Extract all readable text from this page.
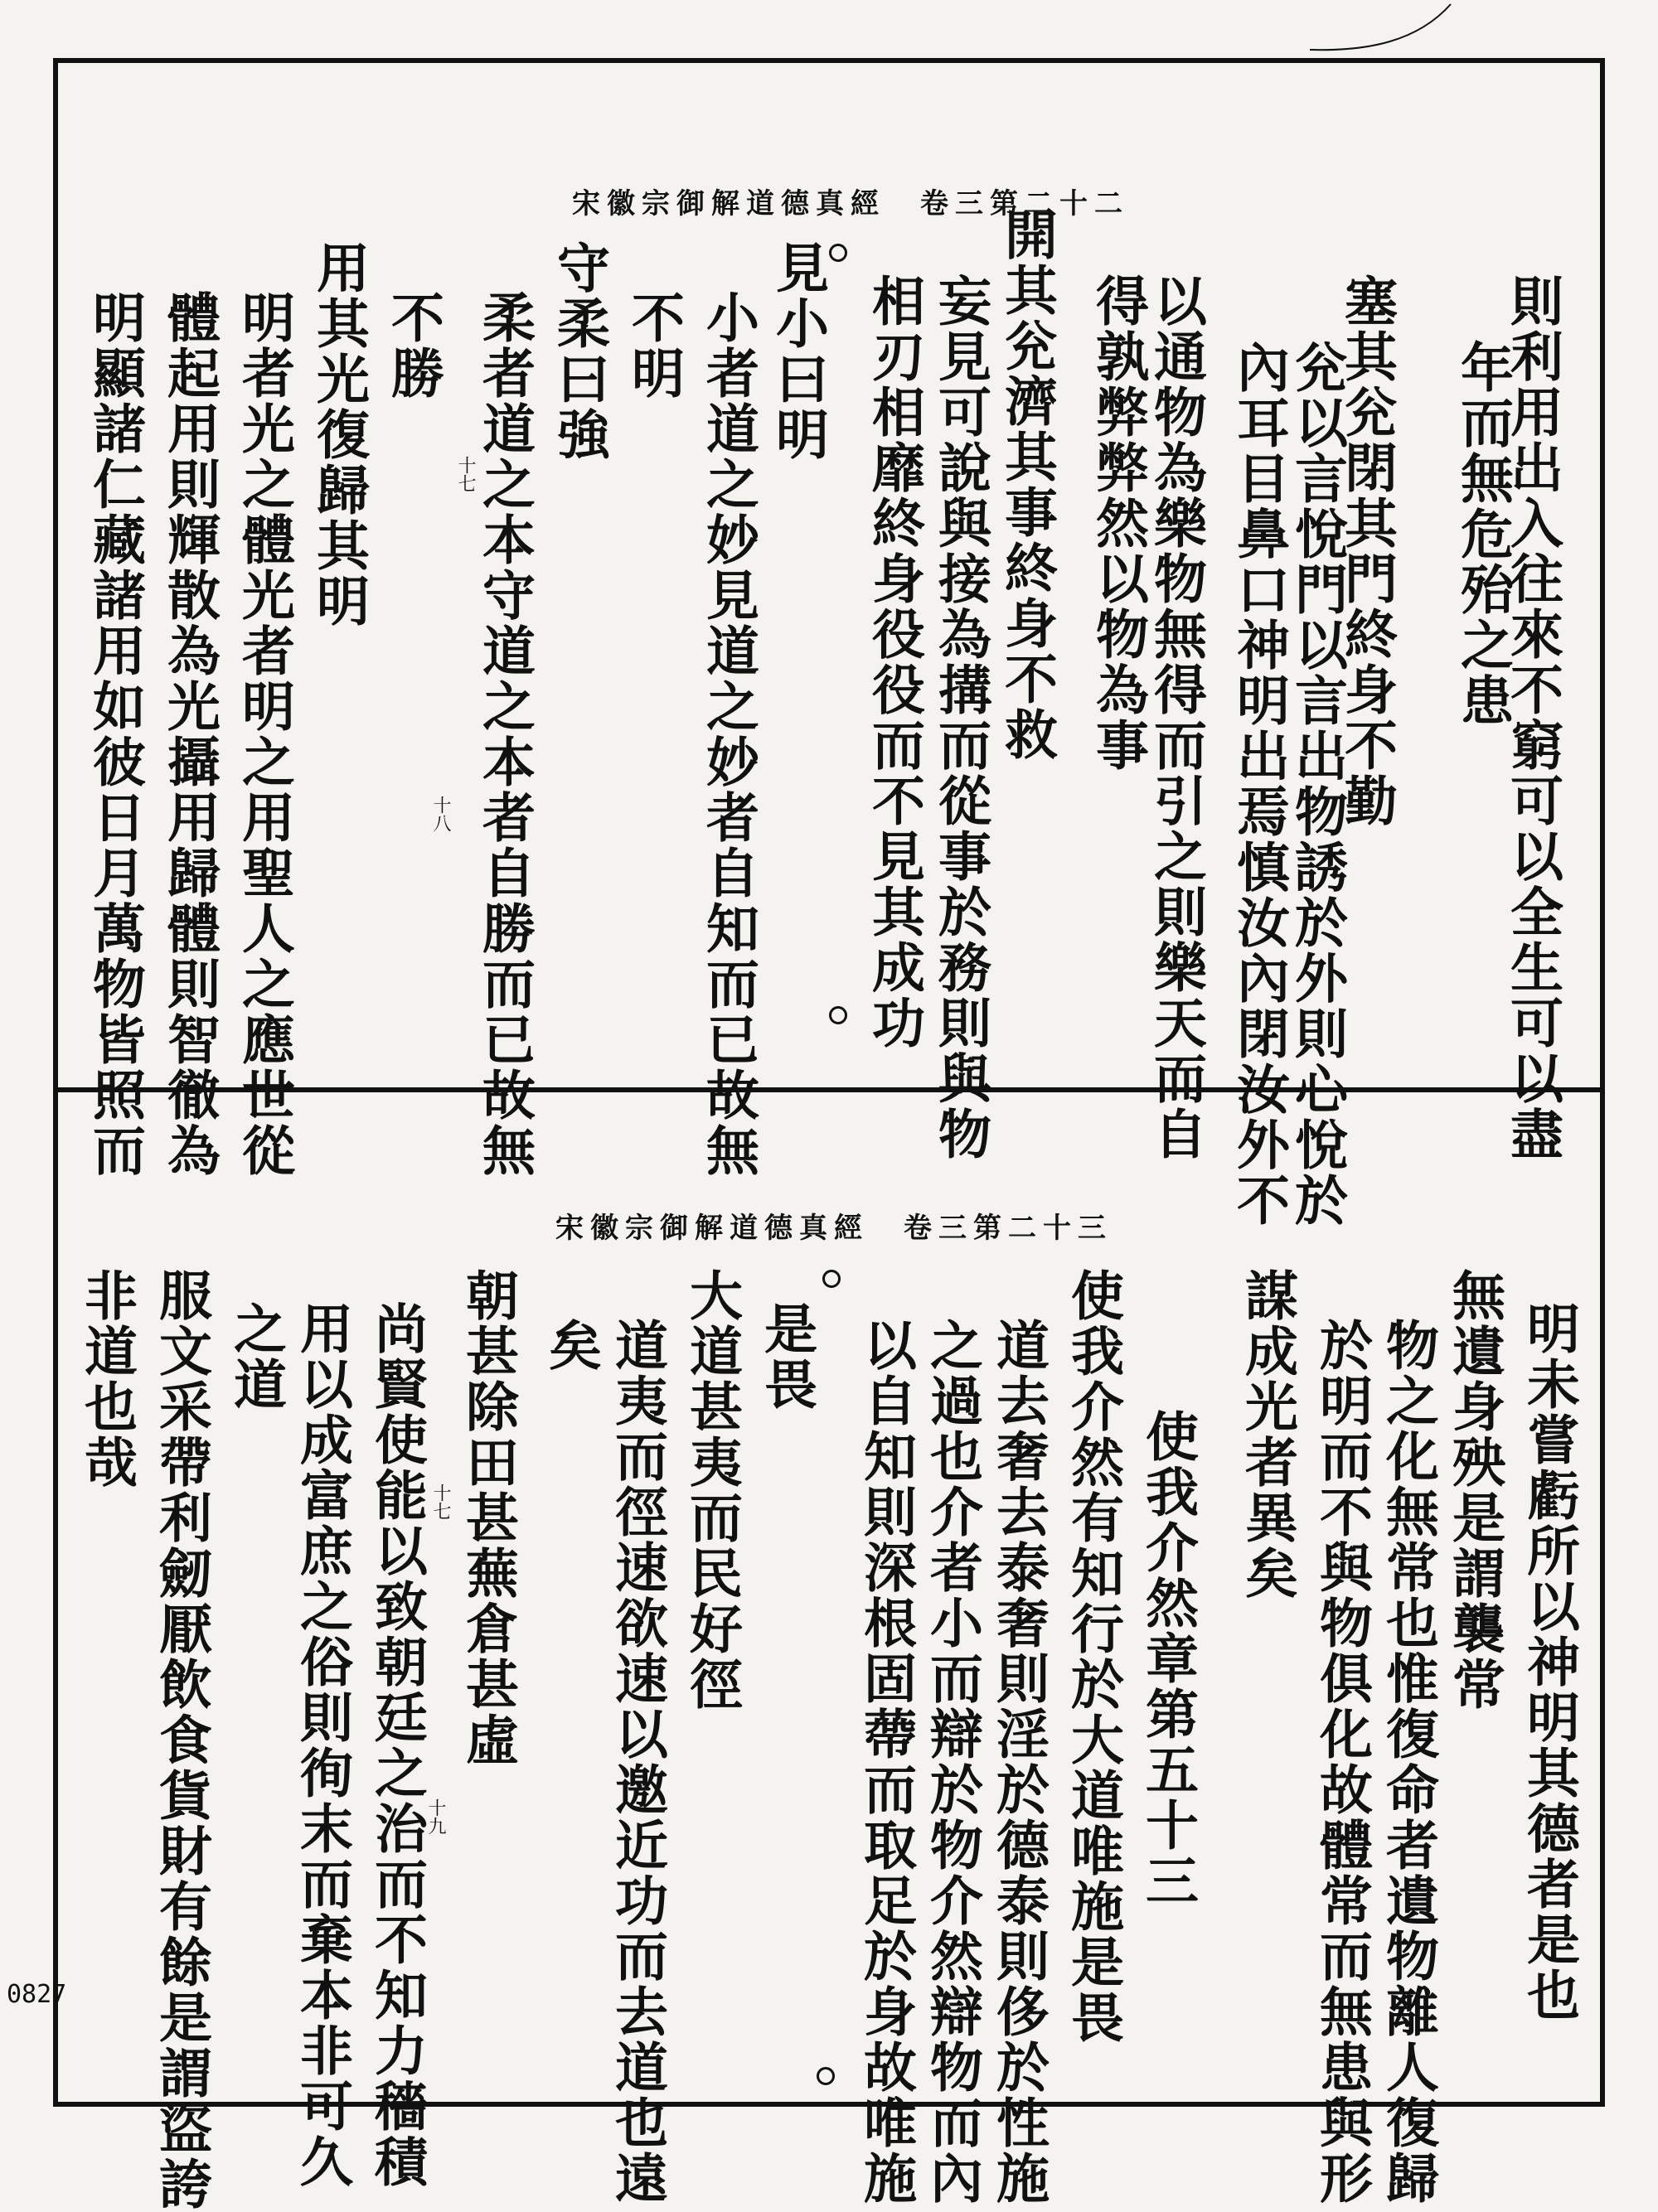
宋徽宗御解道德真經　卷三第二十二
則利用出入往來不窮可以全生可以盡
年而無危殆之患
塞其兊閉其門終身不勤
兊以言悅門以言出物誘於外則心悅於
內耳目鼻口神明出焉慎汝內閉汝外不
以通物為樂物無得而引之則樂天而自
得孰弊弊然以物為事
開其兊濟其事終身不救
妄見可說與接為搆而從事於務則與物
相刃相靡終身役役而不見其成功
見小曰明
小者道之妙見道之妙者自知而已故無
不明
守柔曰強
柔者道之本守道之本者自勝而已故無
十七
十八
不勝
用其光復歸其明
明者光之體光者明之用聖人之應世從
體起用則輝散為光攝用歸體則智徹為
明顯諸仁藏諸用如彼日月萬物皆照而
宋徽宗御解道德真經　卷三第二十三
明未嘗虧所以神明其德者是也
無遺身殃是謂襲常
物之化無常也惟復命者遺物離人復歸
於明而不與物俱化故體常而無患與形
謀成光者異矣
使我介然章第五十三
使我介然有知行於大道唯施是畏
道去奢去泰奢則淫於德泰則侈於性施
之過也介者小而辯於物介然辯物而內
以自知則深根固蔕而取足於身故唯施
是畏
大道甚夷而民好徑
道夷而徑速欲速以邀近功而去道也遠
矣
朝甚除田甚蕪倉甚虛
十七
十九
尚賢使能以致朝廷之治而不知力穡積
用以成富庶之俗則徇末而棄本非可久
之道
服文采帶利劒厭飲食貨財有餘是謂盜誇
非道也哉
0827
